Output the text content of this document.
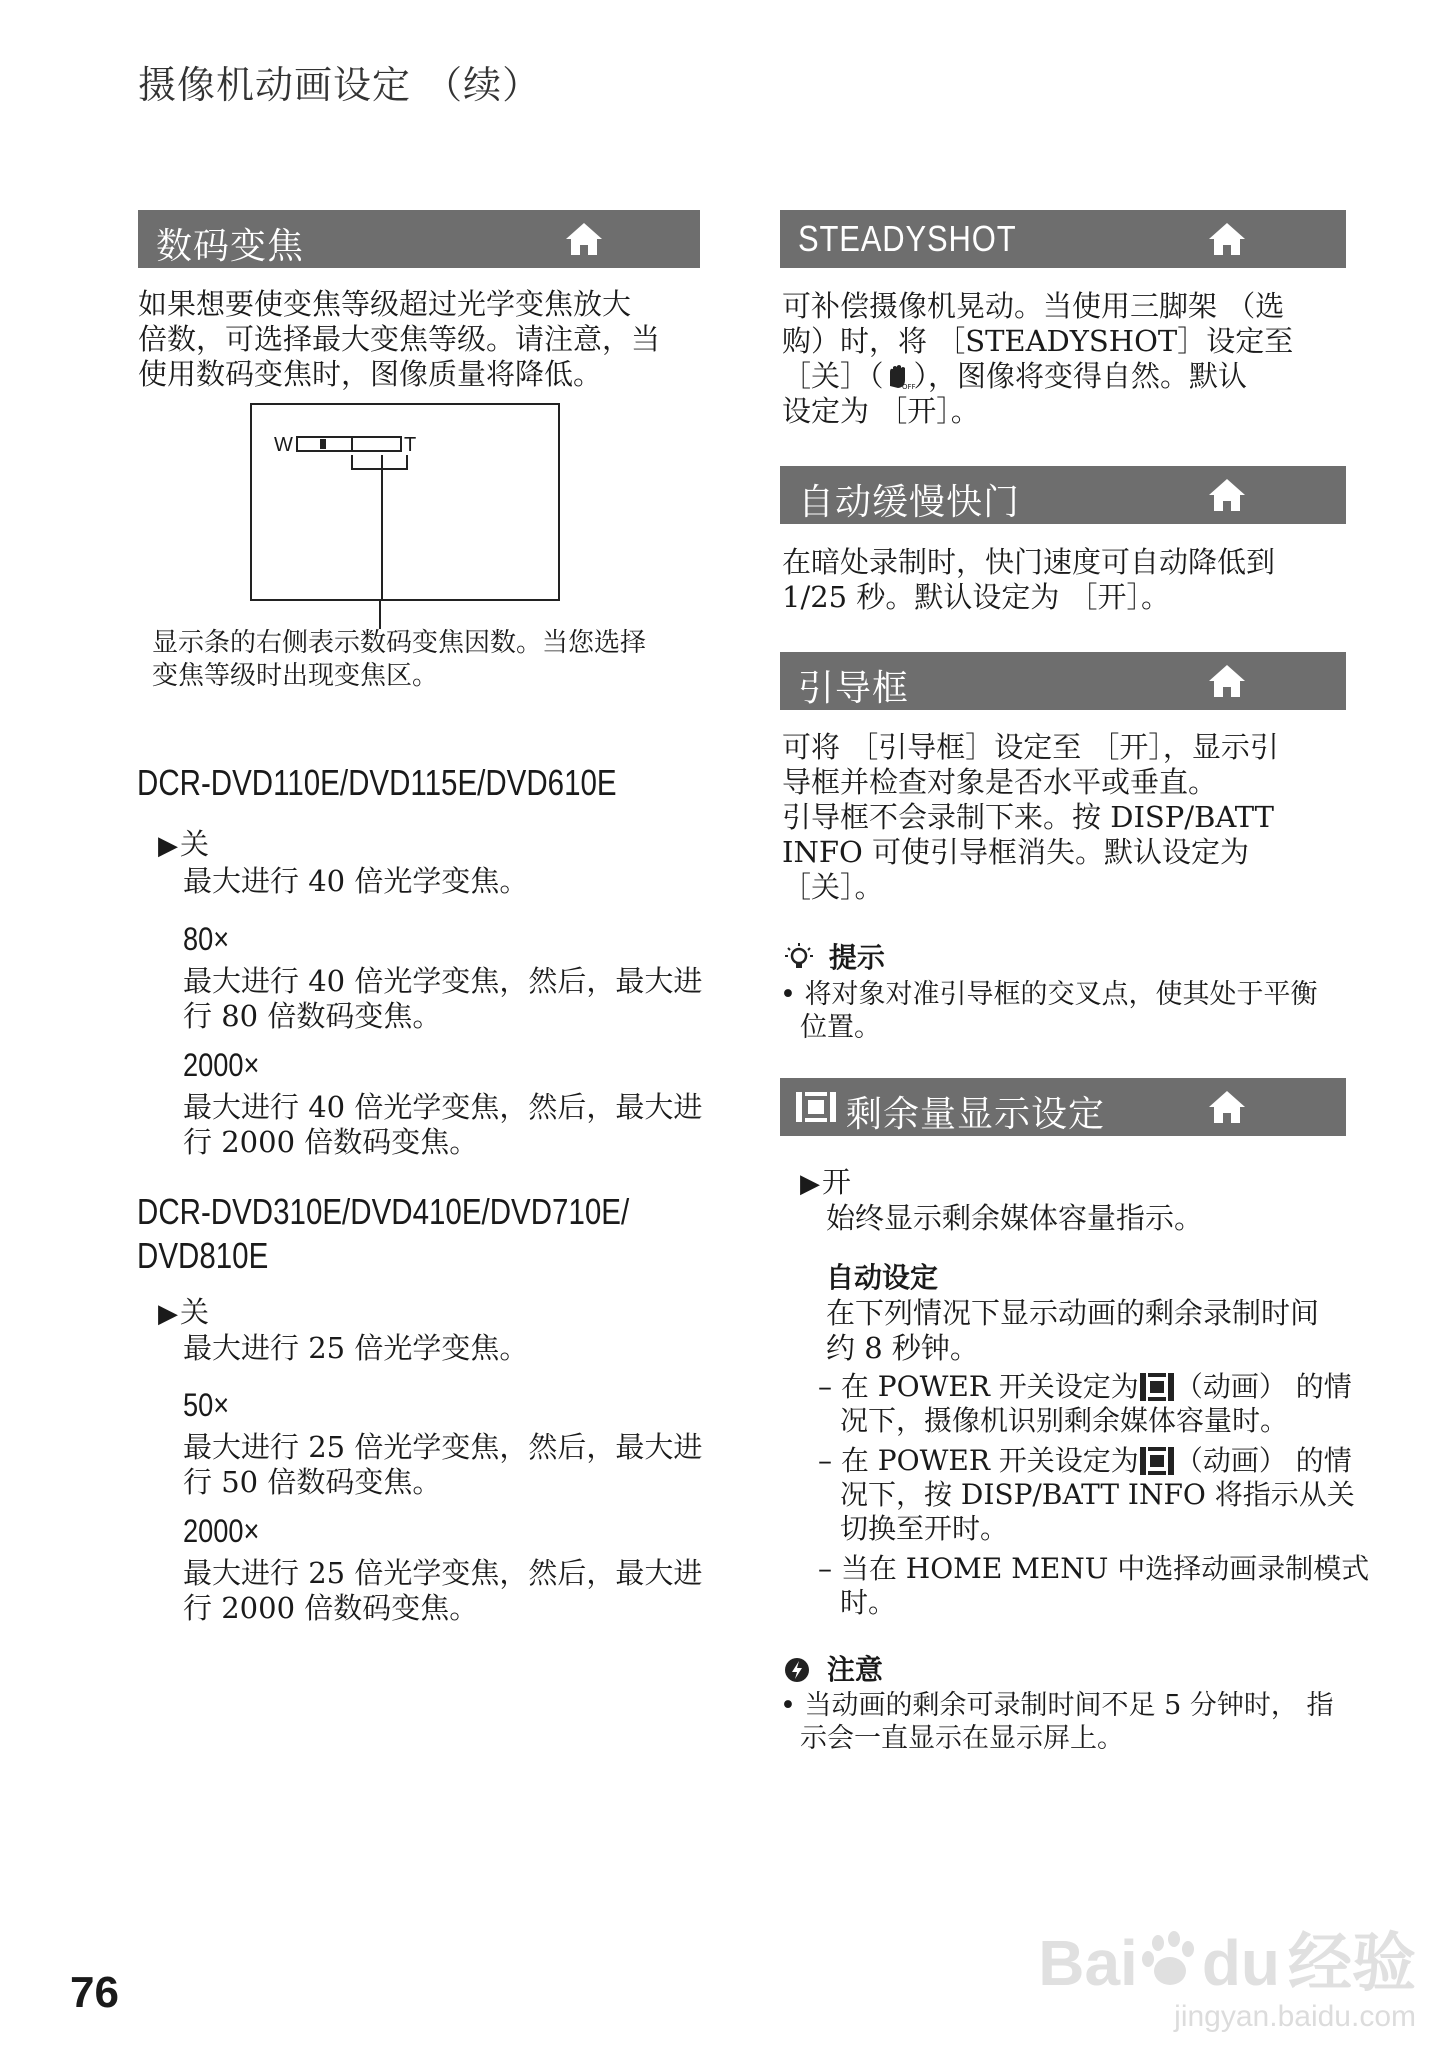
摄像机动画设定 （续）
数码变焦
如果想要使变焦等级超过光学变焦放大
倍数，可选择最大变焦等级。请注意，当
使用数码变焦时，图像质量将降低。
W	T
显示条的右侧表示数码变焦因数。当您选择
变焦等级时出现变焦区。
DCR-DVD110E/DVD115E/DVD610E
▶关
最大进行 40 倍光学变焦。
80×
最大进行 40 倍光学变焦，然后，最大进
行 80 倍数码变焦。
2000×
最大进行 40 倍光学变焦，然后，最大进
行 2000 倍数码变焦。
DCR-DVD310E/DVD410E/DVD710E/
DVD810E
▶关
最大进行 25 倍光学变焦。
50×
最大进行 25 倍光学变焦，然后，最大进
行 50 倍数码变焦。
2000×
最大进行 25 倍光学变焦，然后，最大进
行 2000 倍数码变焦。
STEADYSHOT
可补偿摄像机晃动。当使用三脚架 （选
购）时，将 ［STEADYSHOT］设定至
［关］（	OFF
），图像将变得自然。默认
设定为 ［开］。
自动缓慢快门
在暗处录制时，快门速度可自动降低到
1/25 秒。默认设定为 ［开］。
引导框
可将 ［引导框］设定至 ［开］，显示引
导框并检查对象是否水平或垂直。
引导框不会录制下来。按 DISP/BATT
INFO 可使引导框消失。默认设定为
［关］。
提示
• 将对象对准引导框的交叉点，使其处于平衡
位置。
剩余量显示设定
▶开
始终显示剩余媒体容量指示。
自动设定
在下列情况下显示动画的剩余录制时间
约 8 秒钟。
– 在 POWER 开关设定为 （动画） 的情
况下，摄像机识别剩余媒体容量时。
– 在 POWER 开关设定为 （动画） 的情
况下，按 DISP/BATT INFO 将指示从关
切换至开时。
– 当在 HOME MENU 中选择动画录制模式
时。
注意
• 当动画的剩余可录制时间不足 5 分钟时， 指
示会一直显示在显示屏上。
76	Bai du 经验
jingyan.baidu.com
